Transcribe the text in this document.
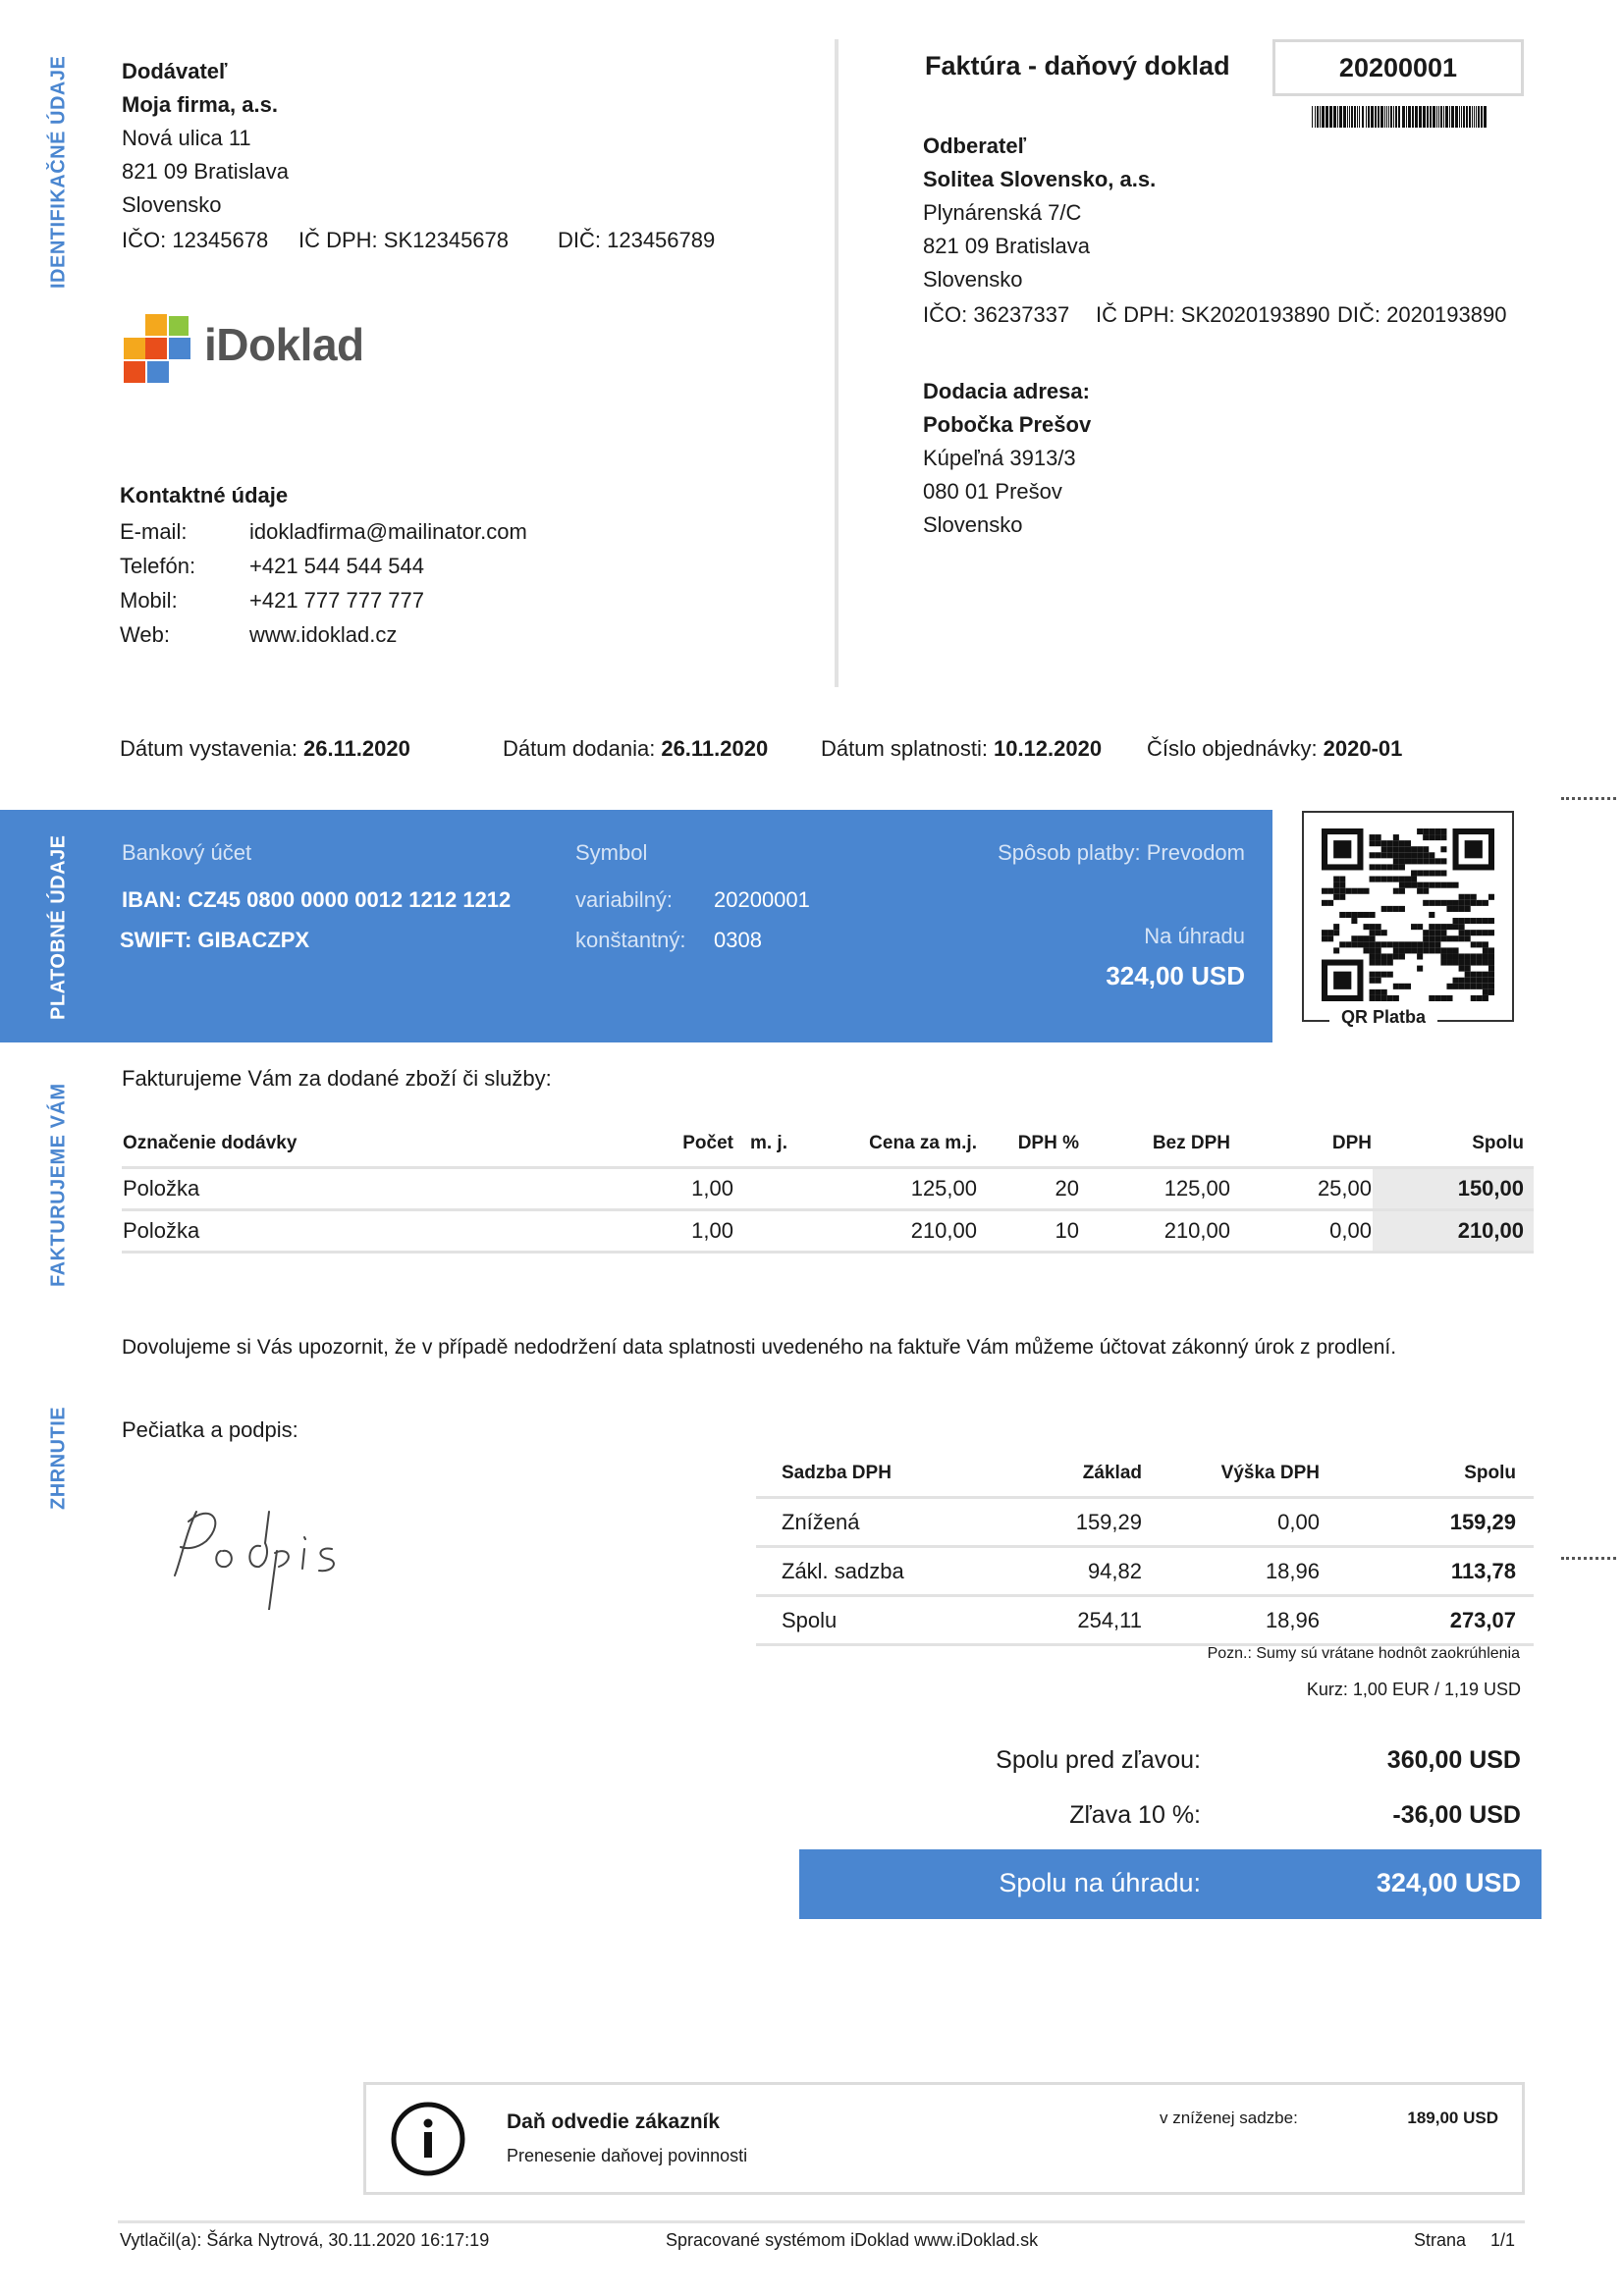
IDENTIFIKAČNÉ ÚDAJE
PLATOBNÉ ÚDAJE
FAKTURUJEME VÁM
ZHRNUTIE
Dodávateľ
Moja firma, a.s.
Nová ulica 11
821 09 Bratislava
Slovensko
IČO: 12345678 IČ DPH: SK12345678 DIČ: 123456789
iDoklad
Kontaktné údaje
E-mail:	idokladfirma@mailinator.com
Telefón:	+421 544 544 544
Mobil:	+421 777 777 777
Web:	www.idoklad.cz
Faktúra - daňový doklad	20200001
Odberateľ
Solitea Slovensko, a.s.
Plynárenská 7/C
821 09 Bratislava
Slovensko
IČO: 36237337 IČ DPH: SK2020193890 DIČ: 2020193890
Dodacia adresa:
Pobočka Prešov
Kúpeľná 3913/3
080 01 Prešov
Slovensko
Dátum vystavenia: 26.11.2020	Dátum dodania: 26.11.2020 Dátum splatnosti: 10.12.2020 Číslo objednávky: 2020-01
Bankový účet
IBAN: CZ45 0800 0000 0012 1212 1212
SWIFT: GIBACZPX
Symbol
variabilný: 20200001
konštantný: 0308
Spôsob platby: Prevodom
Na úhradu
324,00 USD
QR Platba
Fakturujeme Vám za dodané zboží či služby:
Označenie dodávky	Počet	m. j.	Cena za m.j.	DPH %	Bez DPH	DPH	Spolu
Položka	1,00		125,00	20	125,00	25,00	150,00
Položka	1,00		210,00	10	210,00	0,00	210,00
Dovolujeme si Vás upozornit, že v případě nedodržení data splatnosti uvedeného na faktuře Vám můžeme účtovat zákonný úrok z prodlení.
Pečiatka a podpis:
Sadzba DPH	Základ	Výška DPH	Spolu
Znížená	159,29	0,00	159,29
Zákl. sadzba	94,82	18,96	113,78
Spolu	254,11	18,96	273,07
Pozn.: Sumy sú vrátane hodnôt zaokrúhlenia
Kurz: 1,00 EUR / 1,19 USD
Spolu pred zľavou:	360,00 USD
Zľava 10 %:	-36,00 USD
Spolu na úhradu:	324,00 USD
Daň odvedie zákazník
Prenesenie daňovej povinnosti
v zníženej sadzbe:	189,00 USD
Vytlačil(a): Šárka Nytrová, 30.11.2020 16:17:19	Spracované systémom iDoklad www.iDoklad.sk	Strana 1/1
